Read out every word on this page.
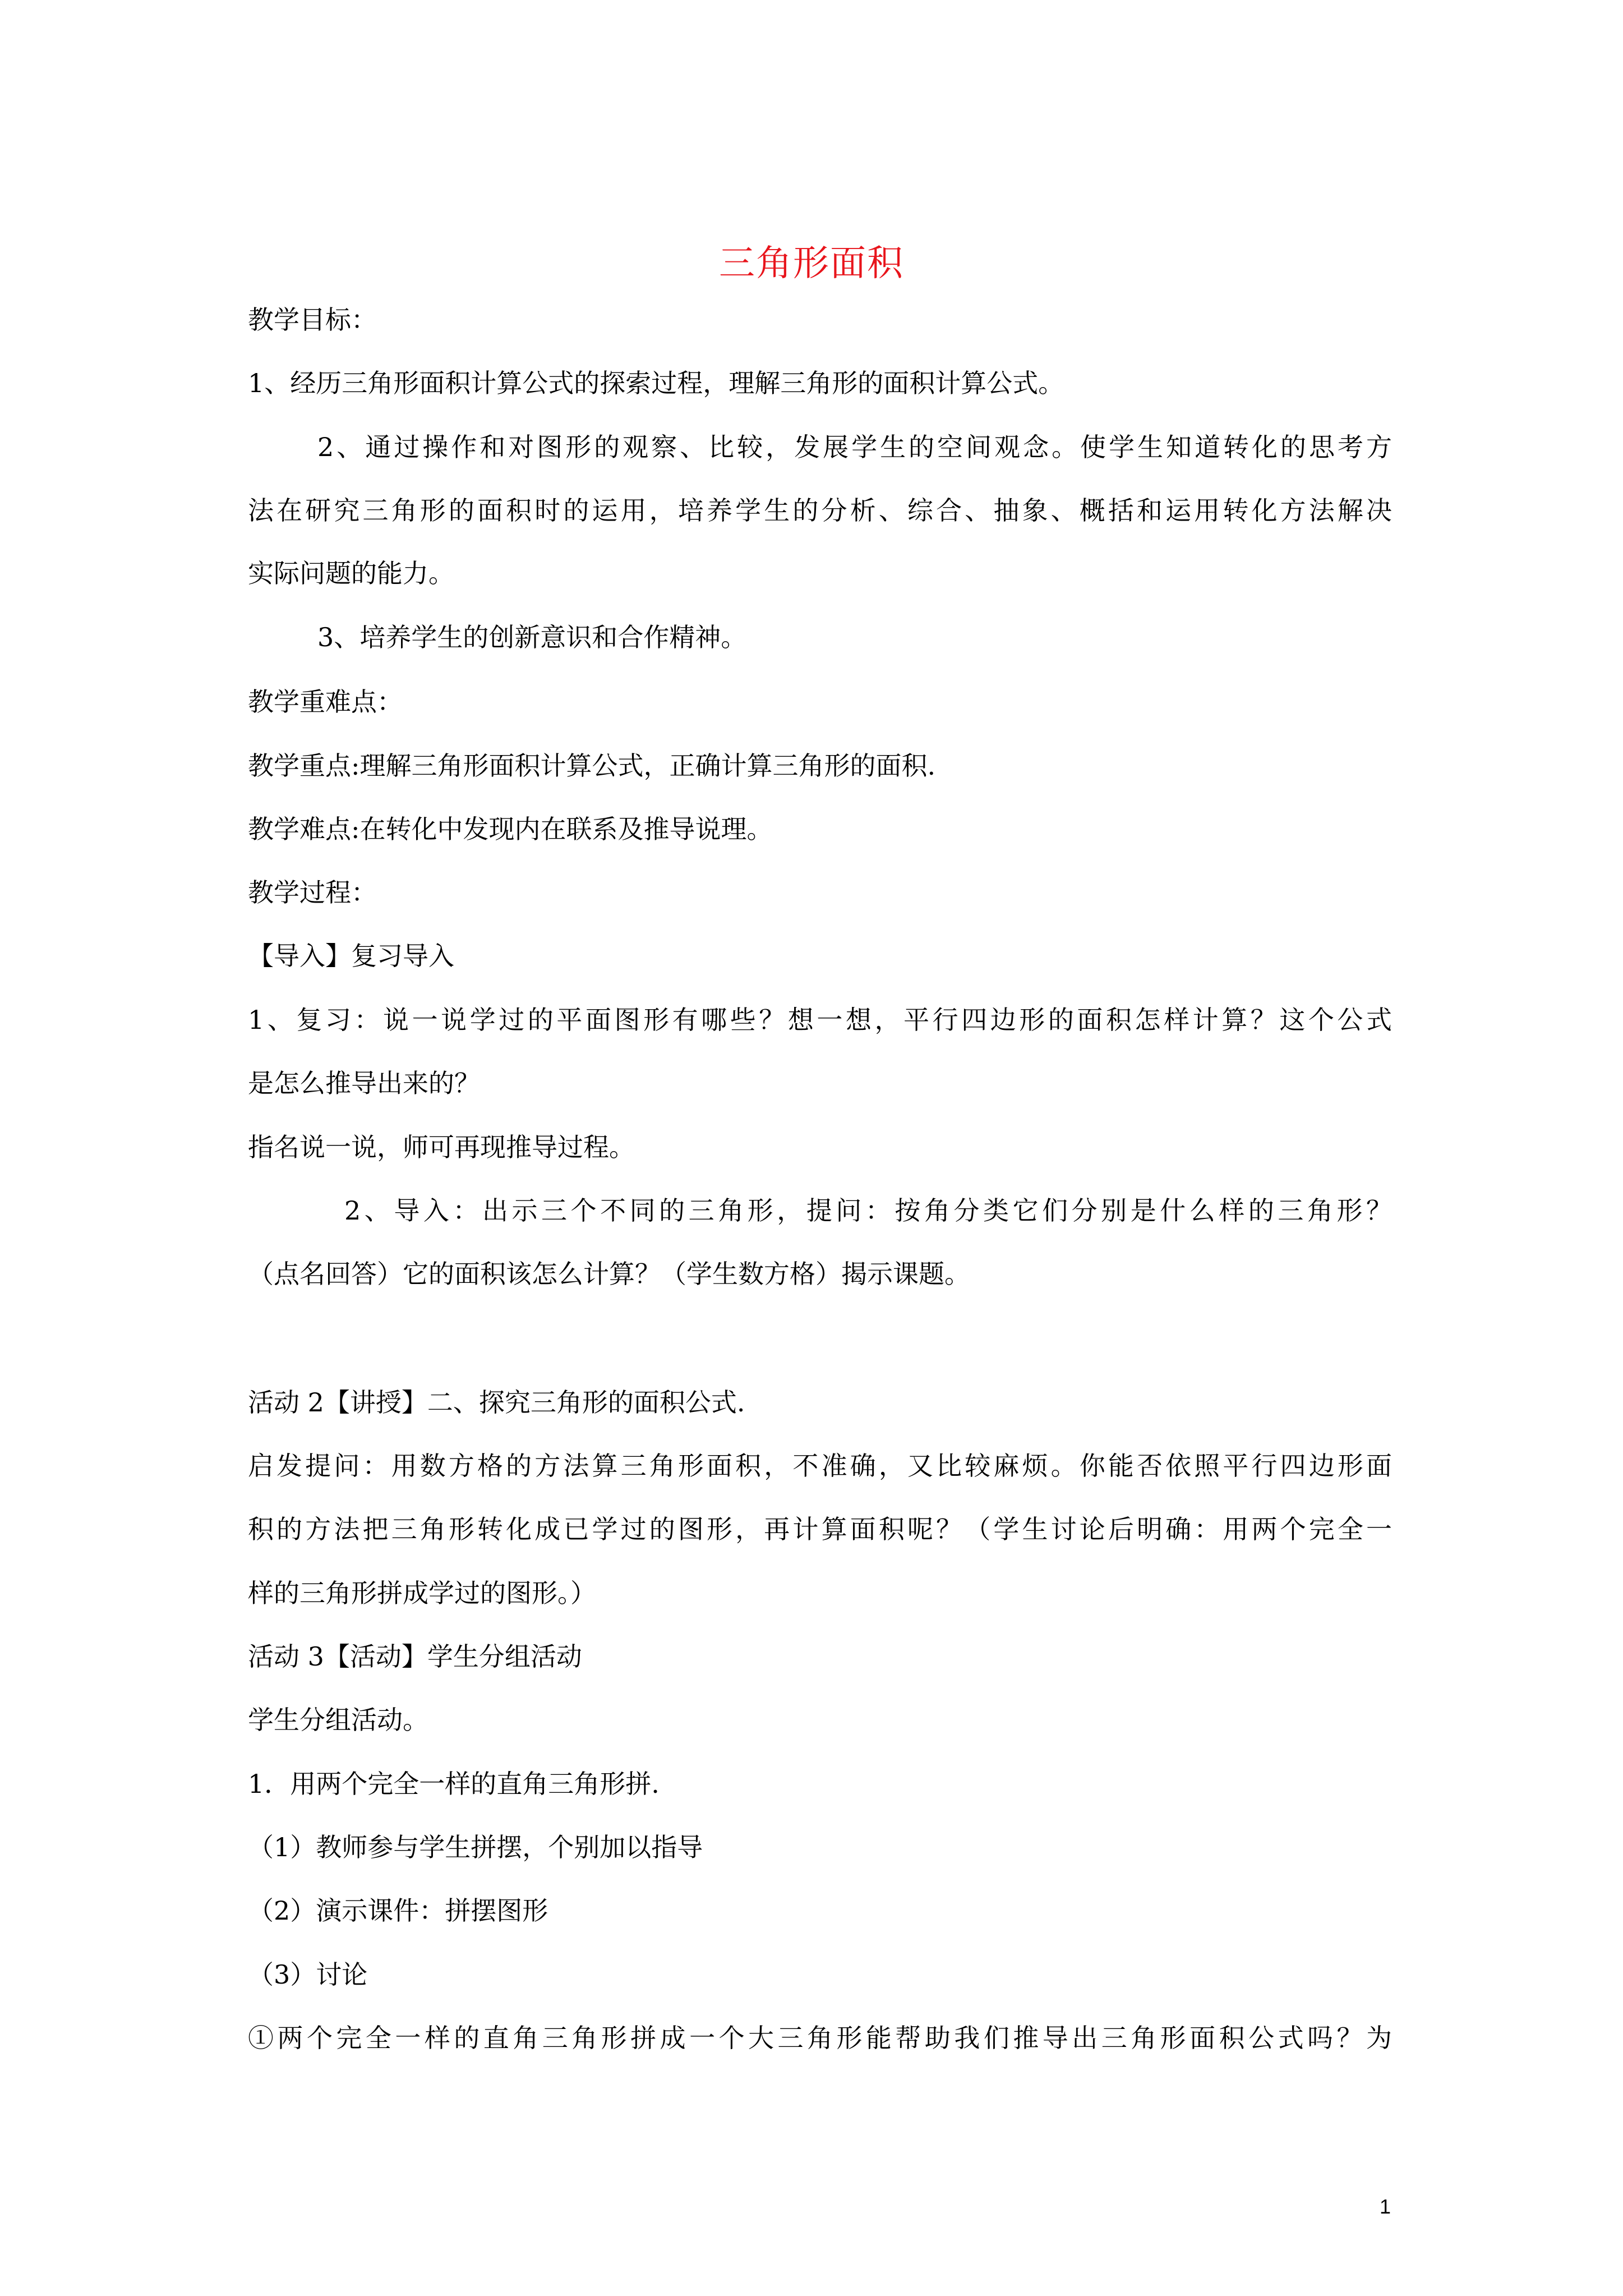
三角形面积
教学目标：
1、经历三角形面积计算公式的探索过程，理解三角形的面积计算公式。
2、通过操作和对图形的观察、比较，发展学生的空间观念。使学生知道转化的思考方
法在研究三角形的面积时的运用，培养学生的分析、综合、抽象、概括和运用转化方法解决
实际问题的能力。
3、培养学生的创新意识和合作精神。
教学重难点：
教学重点:理解三角形面积计算公式，正确计算三角形的面积.
教学难点:在转化中发现内在联系及推导说理。
教学过程：
【导入】复习导入
1、复习：说一说学过的平面图形有哪些？想一想，平行四边形的面积怎样计算？这个公式
是怎么推导出来的？
指名说一说，师可再现推导过程。
2、导入：出示三个不同的三角形，提问：按角分类它们分别是什么样的三角形？
（点名回答）它的面积该怎么计算？（学生数方格）揭示课题。
活动 2【讲授】二、探究三角形的面积公式.
启发提问：用数方格的方法算三角形面积，不准确，又比较麻烦。你能否依照平行四边形面
积的方法把三角形转化成已学过的图形，再计算面积呢？（学生讨论后明确：用两个完全一
样的三角形拼成学过的图形。）
活动 3【活动】学生分组活动
学生分组活动。
1．用两个完全一样的直角三角形拼.
（1）教师参与学生拼摆，个别加以指导
（2）演示课件：拼摆图形
（3）讨论
①两个完全一样的直角三角形拼成一个大三角形能帮助我们推导出三角形面积公式吗？为
1
